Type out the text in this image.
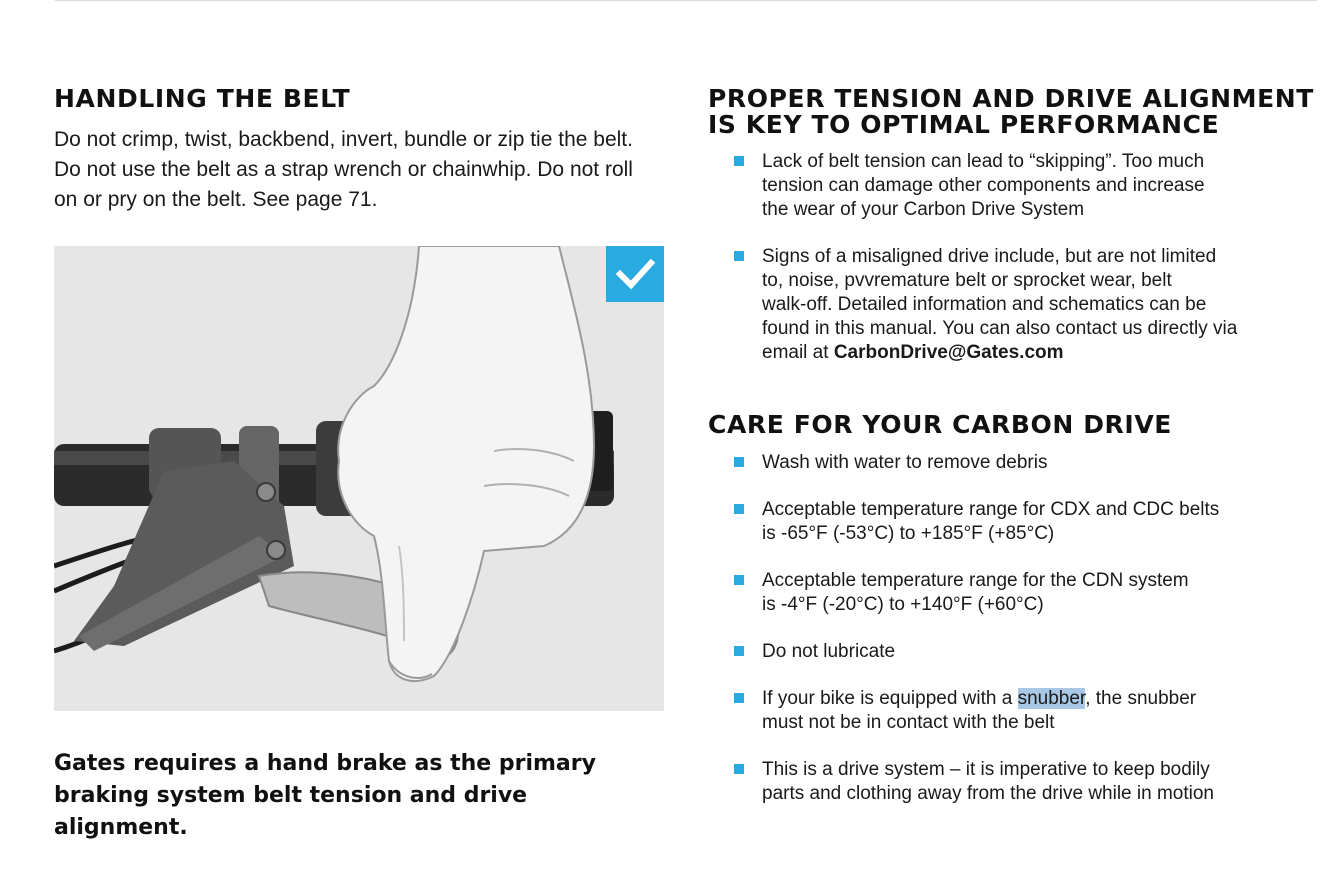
HANDLING THE BELT

Do not crimp, twist, backbend, invert, bundle or zip tie the belt. Do not use the belt as a strap wrench or chainwhip. Do not roll on or pry on the belt. See page 71.

Gates requires a hand brake as the primary braking system belt tension and drive alignment.

PROPER TENSION AND DRIVE ALIGNMENT
IS KEY TO OPTIMAL PERFORMANCE
Lack of belt tension can lead to “skipping”. Too much
tension can damage other components and increase
the wear of your Carbon Drive System
Signs of a misaligned drive include, but are not limited
to, noise, pvvremature belt or sprocket wear, belt
walk-off. Detailed information and schematics can be
found in this manual. You can also contact us directly via
email at CarbonDrive@Gates.com
CARE FOR YOUR CARBON DRIVE
Wash with water to remove debris
Acceptable temperature range for CDX and CDC belts
is -65°F (-53°C) to +185°F (+85°C)
Acceptable temperature range for the CDN system
is -4°F (-20°C) to +140°F (+60°C)
Do not lubricate
If your bike is equipped with a snubber, the snubber
must not be in contact with the belt
This is a drive system – it is imperative to keep bodily
parts and clothing away from the drive while in motion
